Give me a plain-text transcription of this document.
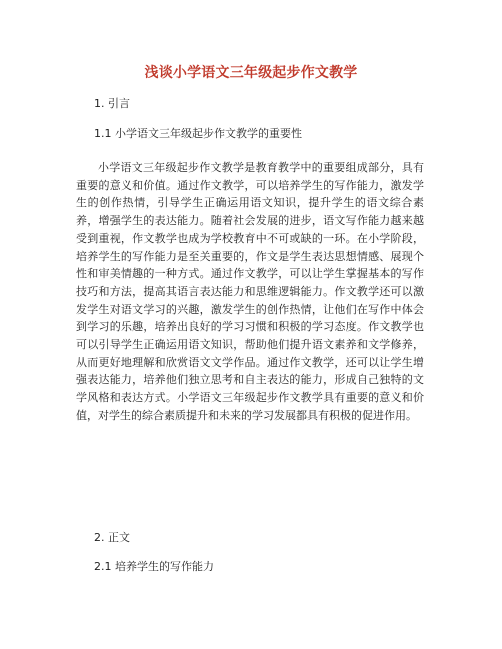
浅谈小学语文三年级起步作文教学
1. 引言
1.1 小学语文三年级起步作文教学的重要性

小学语文三年级起步作文教学是教育教学中的重要组成部分，具有重要的意义和价值。通过作文教学，可以培养学生的写作能力，激发学生的创作热情，引导学生正确运用语文知识，提升学生的语文综合素养，增强学生的表达能力。随着社会发展的进步，语文写作能力越来越受到重视，作文教学也成为学校教育中不可或缺的一环。在小学阶段，培养学生的写作能力是至关重要的，作文是学生表达思想情感、展现个性和审美情趣的一种方式。通过作文教学，可以让学生掌握基本的写作技巧和方法，提高其语言表达能力和思维逻辑能力。作文教学还可以激发学生对语文学习的兴趣，激发学生的创作热情，让他们在写作中体会到学习的乐趣，培养出良好的学习习惯和积极的学习态度。作文教学也可以引导学生正确运用语文知识，帮助他们提升语文素养和文学修养，从而更好地理解和欣赏语文文学作品。通过作文教学，还可以让学生增强表达能力，培养他们独立思考和自主表达的能力，形成自己独特的文学风格和表达方式。小学语文三年级起步作文教学具有重要的意义和价值，对学生的综合素质提升和未来的学习发展都具有积极的促进作用。

2. 正文
2.1 培养学生的写作能力
